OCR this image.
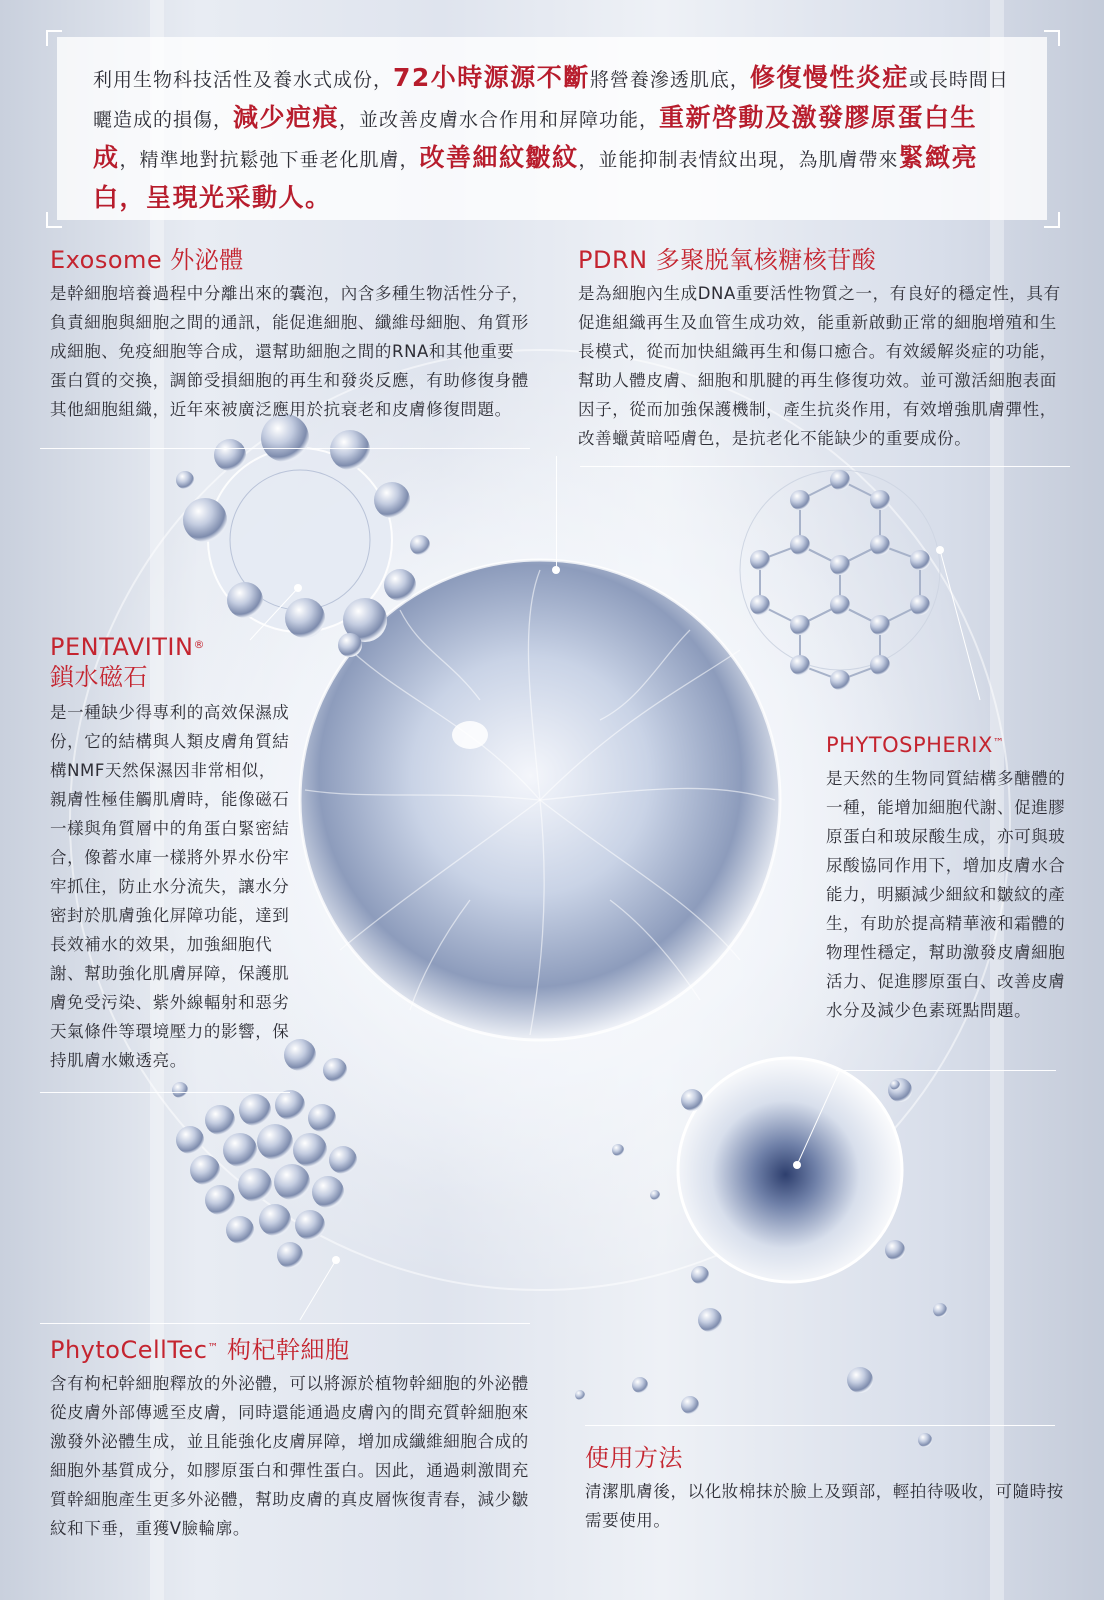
利用生物科技活性及養水式成份，72小時源源不斷將營養滲透肌底，修復慢性炎症或長時間日曬造成的損傷，減少疤痕，並改善皮膚水合作用和屏障功能，重新啓動及激發膠原蛋白生成，精準地對抗鬆弛下垂老化肌膚，改善細紋皺紋，並能抑制表情紋出現，為肌膚帶來緊緻亮白，呈現光采動人。
Exosome 外泌體

是幹細胞培養過程中分離出來的囊泡，內含多種生物活性分子，負責細胞與細胞之間的通訊，能促進細胞、纖維母細胞、角質形成細胞、免疫細胞等合成，還幫助細胞之間的RNA和其他重要蛋白質的交換，調節受損細胞的再生和發炎反應，有助修復身體其他細胞組織，近年來被廣泛應用於抗衰老和皮膚修復問題。

PDRN 多聚脱氧核糖核苷酸

是為細胞內生成DNA重要活性物質之一，有良好的穩定性，具有促進組織再生及血管生成功效，能重新啟動正常的細胞增殖和生長模式，從而加快組織再生和傷口癒合。有效緩解炎症的功能，幫助人體皮膚、細胞和肌腱的再生修復功效。並可激活細胞表面因子，從而加強保護機制，產生抗炎作用，有效增強肌膚彈性，改善蠟黃暗啞膚色，是抗老化不能缺少的重要成份。

PENTAVITIN®
鎖水磁石

是一種缺少得專利的高效保濕成份，它的結構與人類皮膚角質結構NMF天然保濕因非常相似，親膚性極佳觸肌膚時，能像磁石一樣與角質層中的角蛋白緊密結合，像蓄水庫一樣將外界水份牢牢抓住，防止水分流失，讓水分密封於肌膚強化屏障功能，達到長效補水的效果，加強細胞代謝、幫助強化肌膚屏障，保護肌膚免受污染、紫外線輻射和惡劣天氣條件等環境壓力的影響，保持肌膚水嫩透亮。

PHYTOSPHERIX™

是天然的生物同質結構多醣體的一種，能增加細胞代謝、促進膠原蛋白和玻尿酸生成，亦可與玻尿酸協同作用下，增加皮膚水合能力，明顯減少細紋和皺紋的產生，有助於提高精華液和霜體的物理性穩定，幫助激發皮膚細胞活力、促進膠原蛋白、改善皮膚水分及減少色素斑點問題。

PhytoCellTec™ 枸杞幹細胞

含有枸杞幹細胞釋放的外泌體，可以將源於植物幹細胞的外泌體從皮膚外部傳遞至皮膚，同時還能通過皮膚內的間充質幹細胞來激發外泌體生成，並且能強化皮膚屏障，增加成纖維細胞合成的細胞外基質成分，如膠原蛋白和彈性蛋白。因此，通過刺激間充質幹細胞產生更多外泌體，幫助皮膚的真皮層恢復青春，減少皺紋和下垂，重獲V臉輪廓。

使用方法

清潔肌膚後，以化妝棉抹於臉上及頸部，輕拍待吸收，可隨時按需要使用。
